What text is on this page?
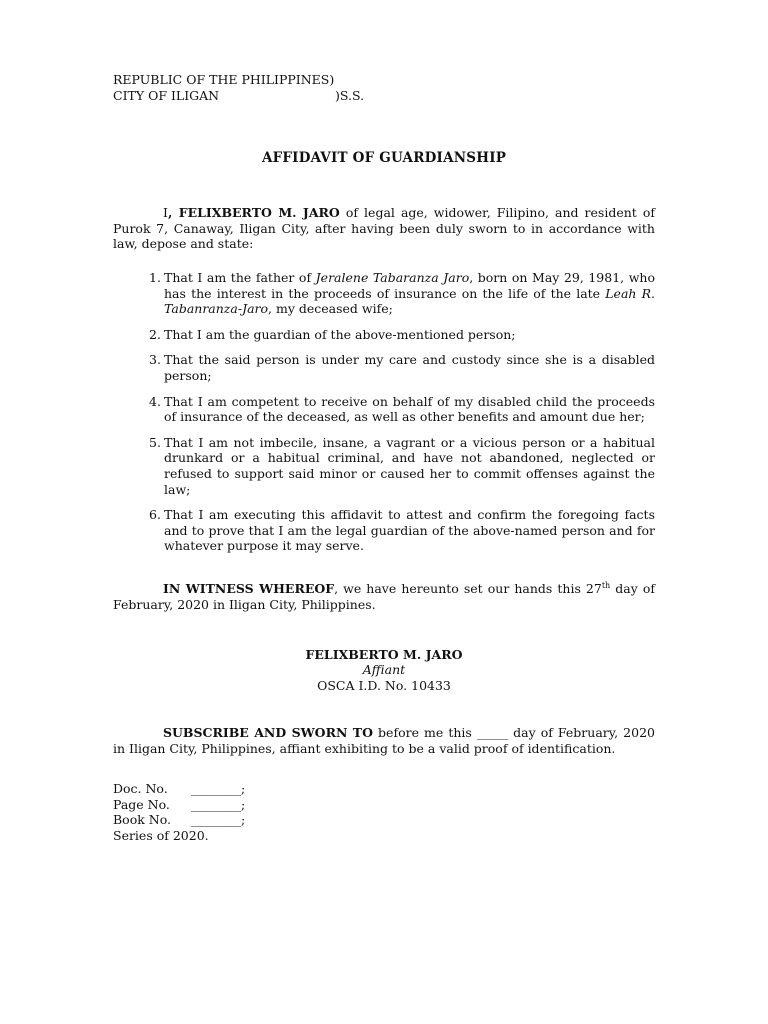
REPUBLIC OF THE PHILIPPINES)
CITY OF ILIGAN	)S.S.
AFFIDAVIT OF GUARDIANSHIP
I, FELIXBERTO M. JARO of legal age, widower, Filipino, and resident of Purok 7, Canaway, Iligan City, after having been duly sworn to in accordance with law, depose and state:
1. That I am the father of Jeralene Tabaranza Jaro, born on May 29, 1981, who has the interest in the proceeds of insurance on the life of the late Leah R. Tabanranza-Jaro, my deceased wife;
2. That I am the guardian of the above-mentioned person;
3. That the said person is under my care and custody since she is a disabled person;
4. That I am competent to receive on behalf of my disabled child the proceeds of insurance of the deceased, as well as other benefits and amount due her;
5. That I am not imbecile, insane, a vagrant or a vicious person or a habitual drunkard or a habitual criminal, and have not abandoned, neglected or refused to support said minor or caused her to commit offenses against the law;
6. That I am executing this affidavit to attest and confirm the foregoing facts and to prove that I am the legal guardian of the above-named person and for whatever purpose it may serve.
IN WITNESS WHEREOF, we have hereunto set our hands this 27th day of February, 2020 in Iligan City, Philippines.
FELIXBERTO M. JARO
Affiant
OSCA I.D. No. 10433
SUBSCRIBE AND SWORN TO before me this _____ day of February, 2020 in Iligan City, Philippines, affiant exhibiting to be a valid proof of identification.
Doc. No. ________;
Page No. ________;
Book No. ________;
Series of 2020.
